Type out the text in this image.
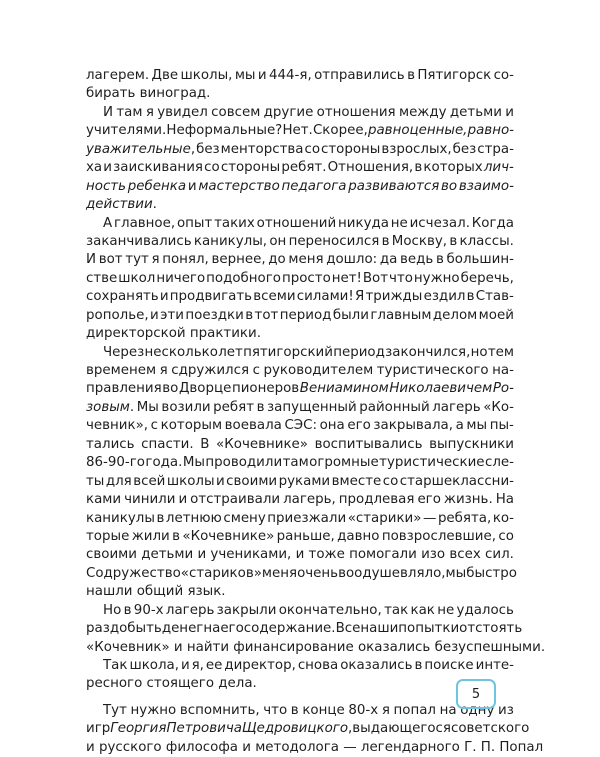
лагерем. Две школы, мы и 444-я, отправились в Пятигорск со-
бирать виноград.
И там я увидел совсем другие отношения между детьми и
учителями. Неформальные? Нет. Скорее, равноценные, равно-
уважительные, без менторства со стороны взрослых, без стра-
ха и заискивания со стороны ребят. Отношения, в которых лич-
ность ребенка и мастерство педагога развиваются во взаимо-
действии.
А главное, опыт таких отношений никуда не исчезал. Когда
заканчивались каникулы, он переносился в Москву, в классы.
И вот тут я понял, вернее, до меня дошло: да ведь в большин-
стве школ ничего подобного просто нет! Вот что нужно беречь,
сохранять и продвигать всеми силами! Я трижды ездил в Став-
рополье, и эти поездки в тот период были главным делом моей
директорской практики.
Через несколько лет пятигорский период закончился, но тем
временем я сдружился с руководителем туристического на-
правления во Дворце пионеров Вениамином Николаевичем Ро-
зовым. Мы возили ребят в запущенный районный лагерь «Ко-
чевник», с которым воевала СЭС: она его закрывала, а мы пы-
тались спасти. В «Кочевнике» воспитывались выпускники
86-90-го года. Мы проводили там огромные туристические сле-
ты для всей школы и своими руками вместе со старшеклассни-
ками чинили и отстраивали лагерь, продлевая его жизнь. На
каникулы в летнюю смену приезжали «старики» — ребята, ко-
торые жили в «Кочевнике» раньше, давно повзрослевшие, со
своими детьми и учениками, и тоже помогали изо всех сил.
Содружество «стариков» меня очень воодушевляло, мы быстро
нашли общий язык.
Но в 90-х лагерь закрыли окончательно, так как не удалось
раздобыть денег на его содержание. Все наши попытки отстоять
«Кочевник» и найти финансирование оказались безуспешными.
Так школа, и я, ее директор, снова оказались в поиске инте-
ресного стоящего дела.
Тут нужно вспомнить, что в конце 80-х я попал на одну из
игр Георгия Петровича Щедровицкого, выдающегося советского
и русского философа и методолога — легендарного Г. П. Попал
5
